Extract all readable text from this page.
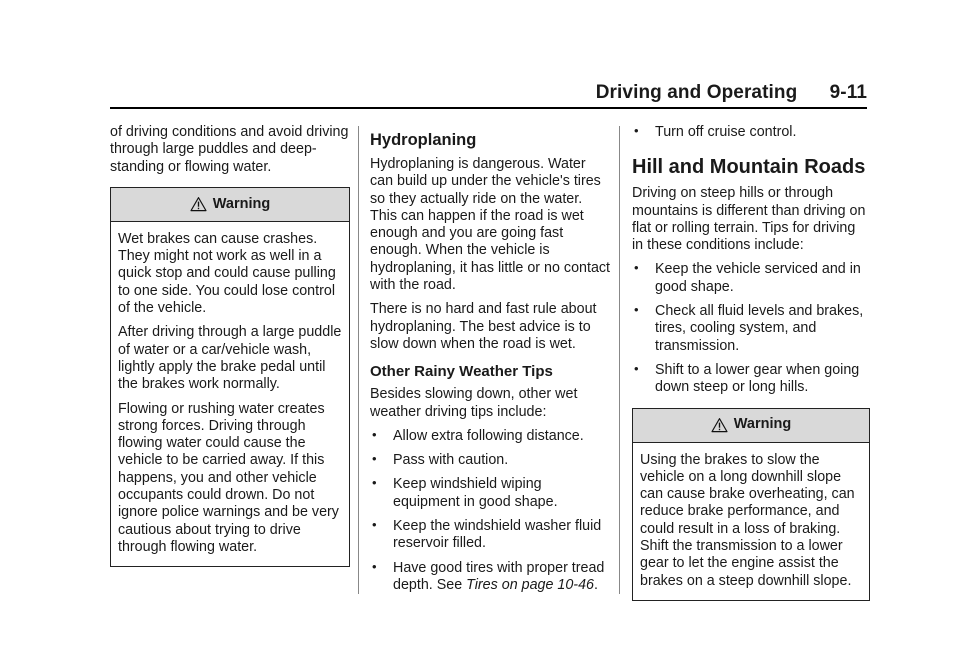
Driving and Operating 9-11

of driving conditions and avoid driving through large puddles and deep-standing or flowing water.

Warning

Wet brakes can cause crashes. They might not work as well in a quick stop and could cause pulling to one side. You could lose control of the vehicle.

After driving through a large puddle of water or a car/vehicle wash, lightly apply the brake pedal until the brakes work normally.

Flowing or rushing water creates strong forces. Driving through flowing water could cause the vehicle to be carried away. If this happens, you and other vehicle occupants could drown. Do not ignore police warnings and be very cautious about trying to drive through flowing water.

Hydroplaning

Hydroplaning is dangerous. Water can build up under the vehicle's tires so they actually ride on the water. This can happen if the road is wet enough and you are going fast enough. When the vehicle is hydroplaning, it has little or no contact with the road.

There is no hard and fast rule about hydroplaning. The best advice is to slow down when the road is wet.

Other Rainy Weather Tips

Besides slowing down, other wet weather driving tips include:

• Allow extra following distance.
• Pass with caution.
• Keep windshield wiping equipment in good shape.
• Keep the windshield washer fluid reservoir filled.
• Have good tires with proper tread depth. See Tires on page 10-46.
• Turn off cruise control.
Hill and Mountain Roads

Driving on steep hills or through mountains is different than driving on flat or rolling terrain. Tips for driving in these conditions include:

• Keep the vehicle serviced and in good shape.
• Check all fluid levels and brakes, tires, cooling system, and transmission.
• Shift to a lower gear when going down steep or long hills.
Warning

Using the brakes to slow the vehicle on a long downhill slope can cause brake overheating, can reduce brake performance, and could result in a loss of braking. Shift the transmission to a lower gear to let the engine assist the brakes on a steep downhill slope.
